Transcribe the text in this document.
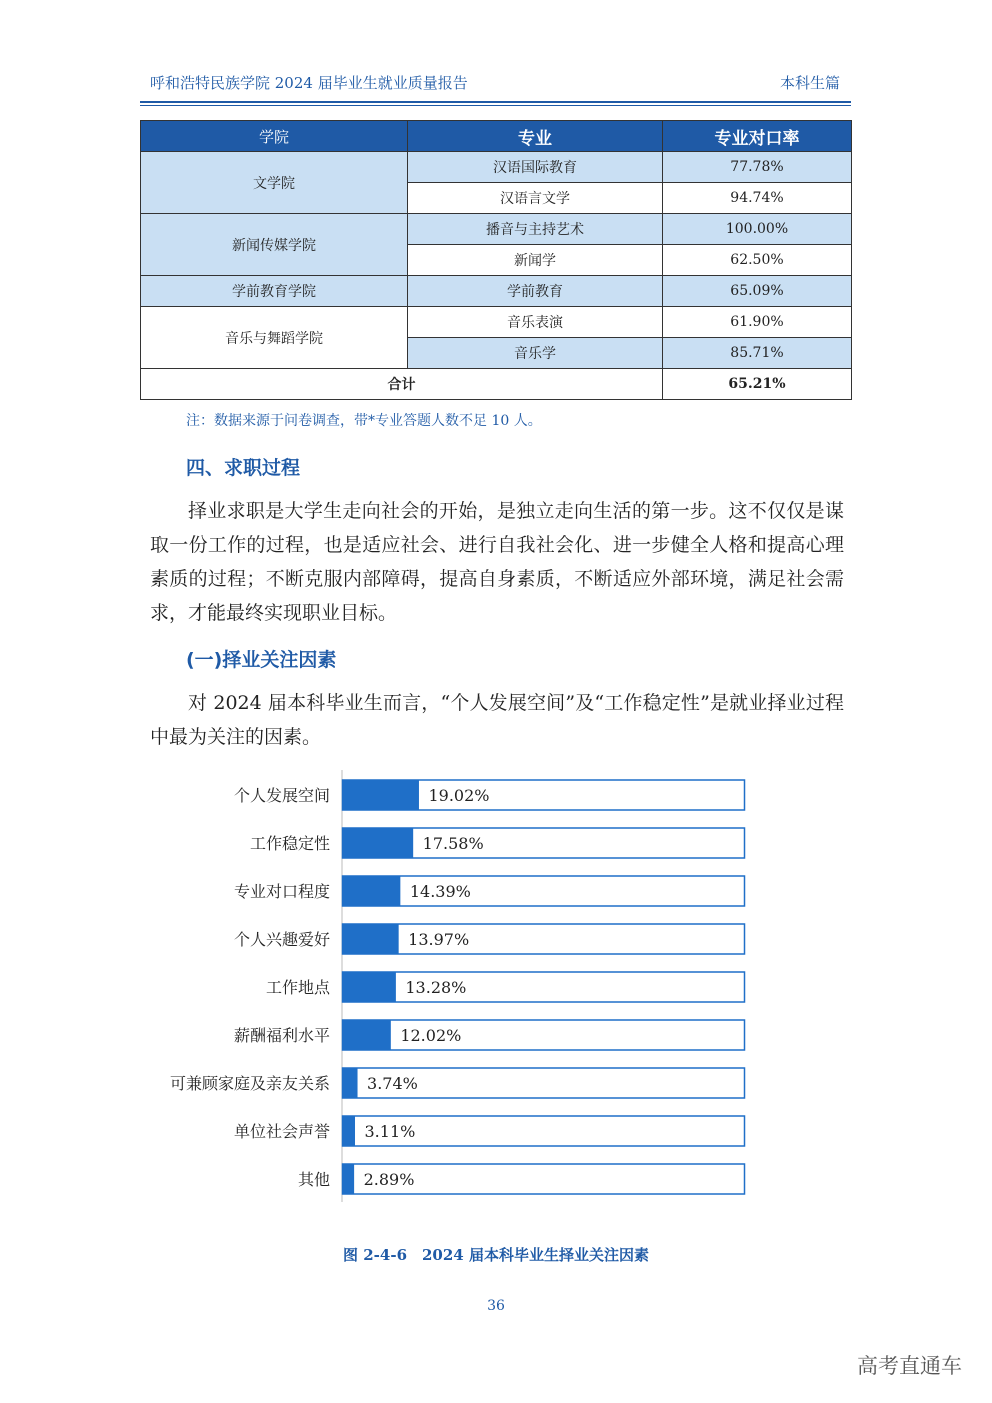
呼和浩特民族学院 2024 届毕业生就业质量报告	本科生篇
学院	专业	专业对口率
文学院	汉语国际教育	77.78%
	汉语言文学	94.74%
新闻传媒学院	播音与主持艺术	100.00%
	新闻学	62.50%
学前教育学院	学前教育	65.09%
音乐与舞蹈学院	音乐表演	61.90%
	音乐学	85.71%
合计		65.21%
注：数据来源于问卷调查，带*专业答题人数不足 10 人。
四、求职过程

择业求职是大学生走向社会的开始，是独立走向生活的第一步。这不仅仅是谋取一份工作的过程，也是适应社会、进行自我社会化、进一步健全人格和提高心理素质的过程；不断克服内部障碍，提高自身素质，不断适应外部环境，满足社会需求，才能最终实现职业目标。

(一)择业关注因素

对 2024 届本科毕业生而言，“个人发展空间”及“工作稳定性”是就业择业过程中最为关注的因素。

个人发展空间	19.02%
工作稳定性	17.58%
专业对口程度	14.39%
个人兴趣爱好	13.97%
工作地点	13.28%
薪酬福利水平	12.02%
可兼顾家庭及亲友关系 3.74%
单位社会声誉 3.11%
其他 2.89%
图 2-4-6　2024 届本科毕业生择业关注因素
36
高考直通车
